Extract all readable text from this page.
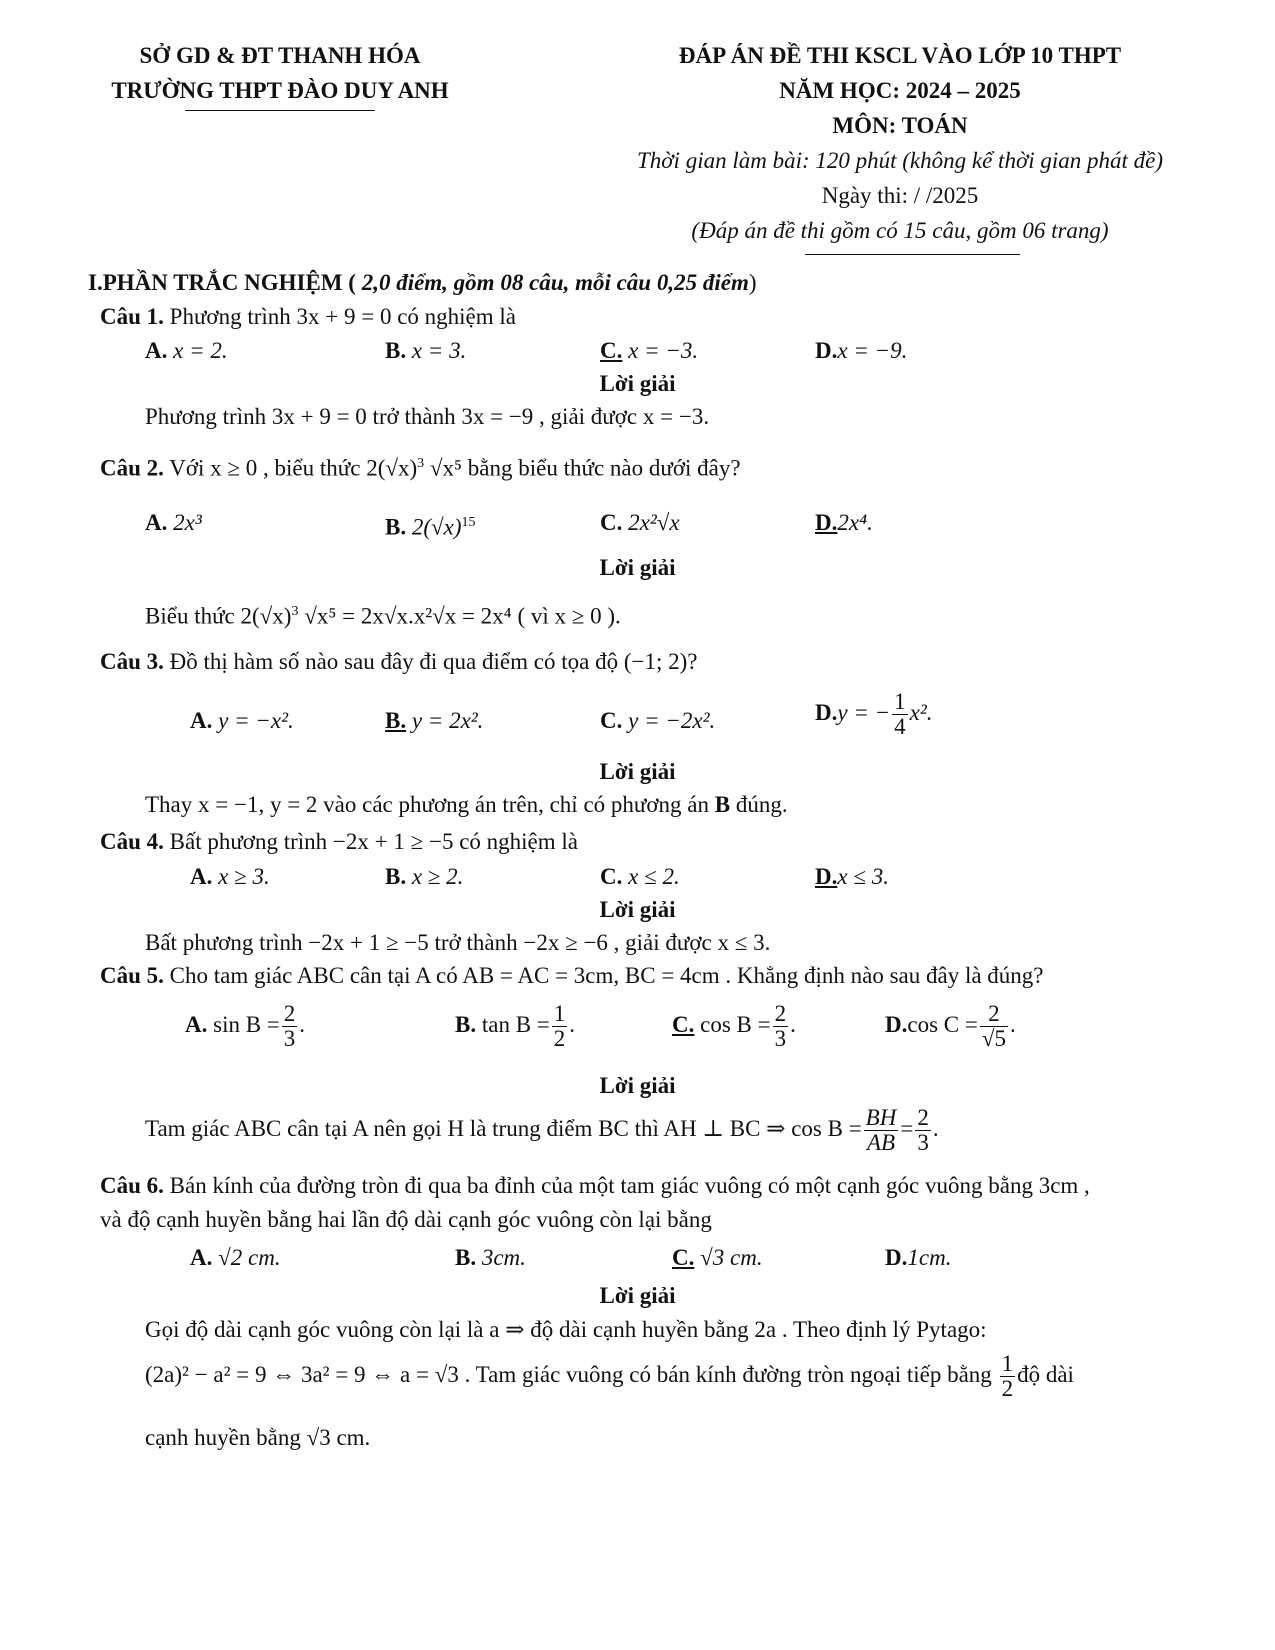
SỞ GD & ĐT THANH HÓA
TRƯỜNG THPT ĐÀO DUY ANH
ĐÁP ÁN ĐỀ THI KSCL VÀO LỚP 10 THPT
NĂM HỌC: 2024 – 2025
MÔN: TOÁN
Thời gian làm bài: 120 phút (không kể thời gian phát đề)
Ngày thi: / /2025
(Đáp án đề thi gồm có 15 câu, gồm 06 trang)
I.PHẦN TRẮC NGHIỆM ( 2,0 điểm, gồm 08 câu, mỗi câu 0,25 điểm)
Câu 1. Phương trình 3x + 9 = 0 có nghiệm là
A. x = 2.	B. x = 3.	C. x = −3.	D.x = −9.
Lời giải
Phương trình 3x + 9 = 0 trở thành 3x = −9 , giải được x = −3.
Câu 2. Với x ≥ 0 , biểu thức $2(√x)^3$ √x⁵ bằng biểu thức nào dưới đây?
A. 2x³	B. $2(√x)^{15}$	C. 2x²√x	D.2x⁴.
Lời giải
Biểu thức $2(√x)^3$ √x⁵ = 2x√x.x²√x = 2x⁴ ( vì x ≥ 0 ).
Câu 3. Đồ thị hàm số nào sau đây đi qua điểm có tọa độ (−1; 2)?
A. y = −x².	B. y = 2x².	C. y = −2x².	D.y = − $\frac{1}{4} x^2$.
Lời giải
Thay x = −1, y = 2 vào các phương án trên, chỉ có phương án B đúng.
Câu 4. Bất phương trình −2x + 1 ≥ −5 có nghiệm là
A. x ≥ 3.	B. x ≥ 2.	C. x ≤ 2.	D.x ≤ 3.
Lời giải
Bất phương trình −2x + 1 ≥ −5 trở thành −2x ≥ −6 , giải được x ≤ 3.
Câu 5. Cho tam giác ABC cân tại A có AB = AC = 3cm, BC = 4cm . Khẳng định nào sau đây là đúng?
A. $\sin B = \frac{2}{3}$ .	B. $\tan B = \frac{1}{2}$ .	C. $\cos B = \frac{2}{3}$ .	D.cos $C = \frac{2}{√5}$ .
Lời giải
Tam giác ABC cân tại A nên gọi H là trung điểm BC thì AH ⊥ BC ⇒ $\cos B = \frac{BH}{AB} = \frac{2}{3}$ .
Câu 6. Bán kính của đường tròn đi qua ba đỉnh của một tam giác vuông có một cạnh góc vuông bằng 3cm ,
và độ cạnh huyền bằng hai lần độ dài cạnh góc vuông còn lại bằng
A. √2 cm.	B. 3cm.	C. √3 cm.	D.1cm.
Lời giải
Gọi độ dài cạnh góc vuông còn lại là a ⇒ độ dài cạnh huyền bằng 2a . Theo định lý Pytago:
(2a)² − a² = 9 ⇔ 3a² = 9 ⇔ a = √3 . Tam giác vuông có bán kính đường tròn ngoại tiếp bằng $\frac{1}{2}$ độ dài
cạnh huyền bằng √3 cm.
